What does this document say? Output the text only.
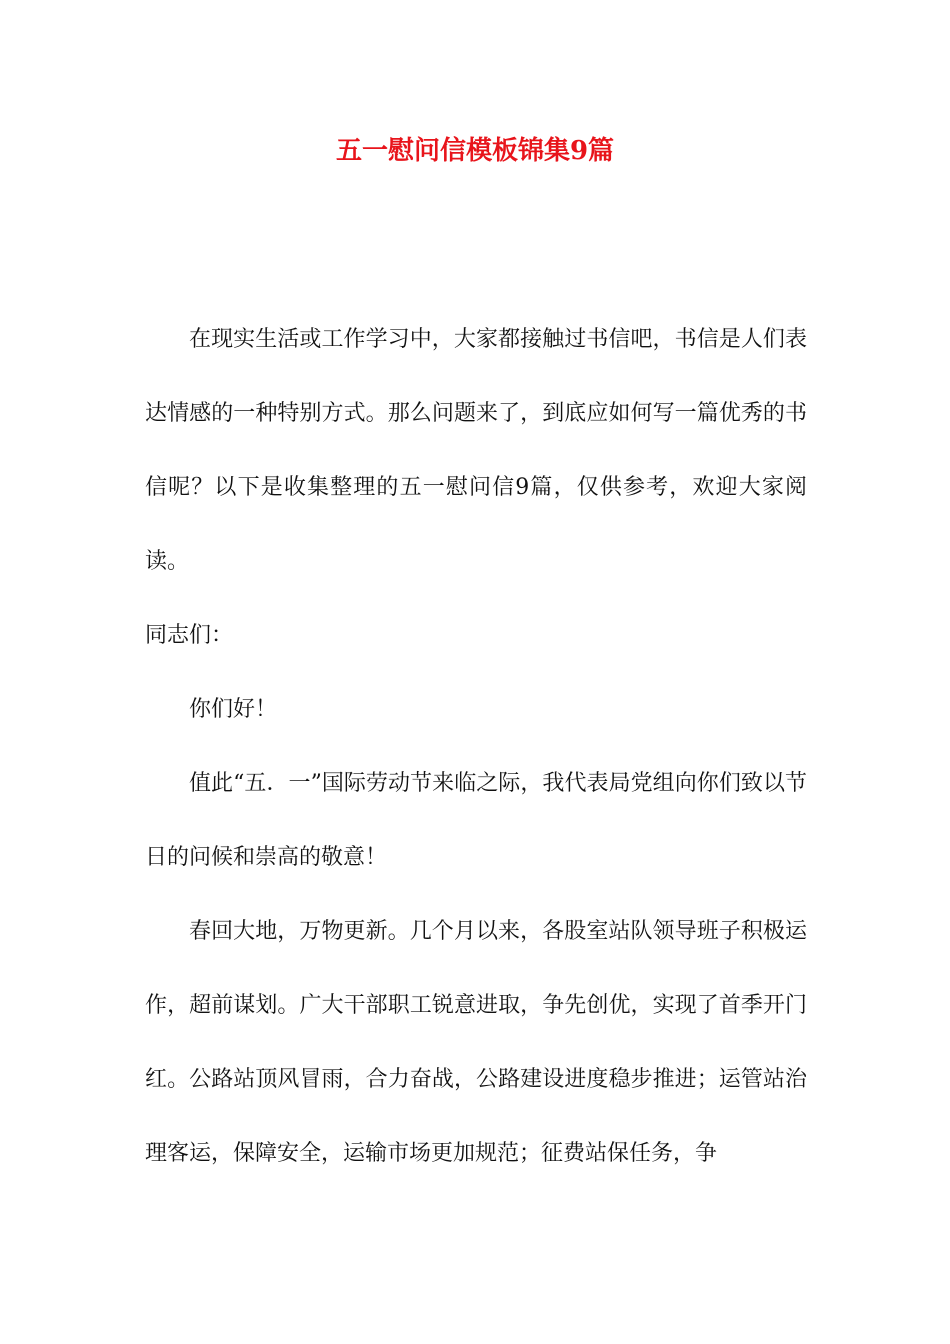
五一慰问信模板锦集9篇

在现实生活或工作学习中，大家都接触过书信吧，书信是人们表达情感的一种特别方式。那么问题来了，到底应如何写一篇优秀的书信呢？以下是收集整理的五一慰问信9篇，仅供参考，欢迎大家阅读。

同志们：

你们好！

值此“五．一”国际劳动节来临之际，我代表局党组向你们致以节日的问候和崇高的敬意！

春回大地，万物更新。几个月以来，各股室站队领导班子积极运作，超前谋划。广大干部职工锐意进取，争先创优，实现了首季开门红。公路站顶风冒雨，合力奋战，公路建设进度稳步推进；运管站治理客运，保障安全，运输市场更加规范；征费站保任务，争
